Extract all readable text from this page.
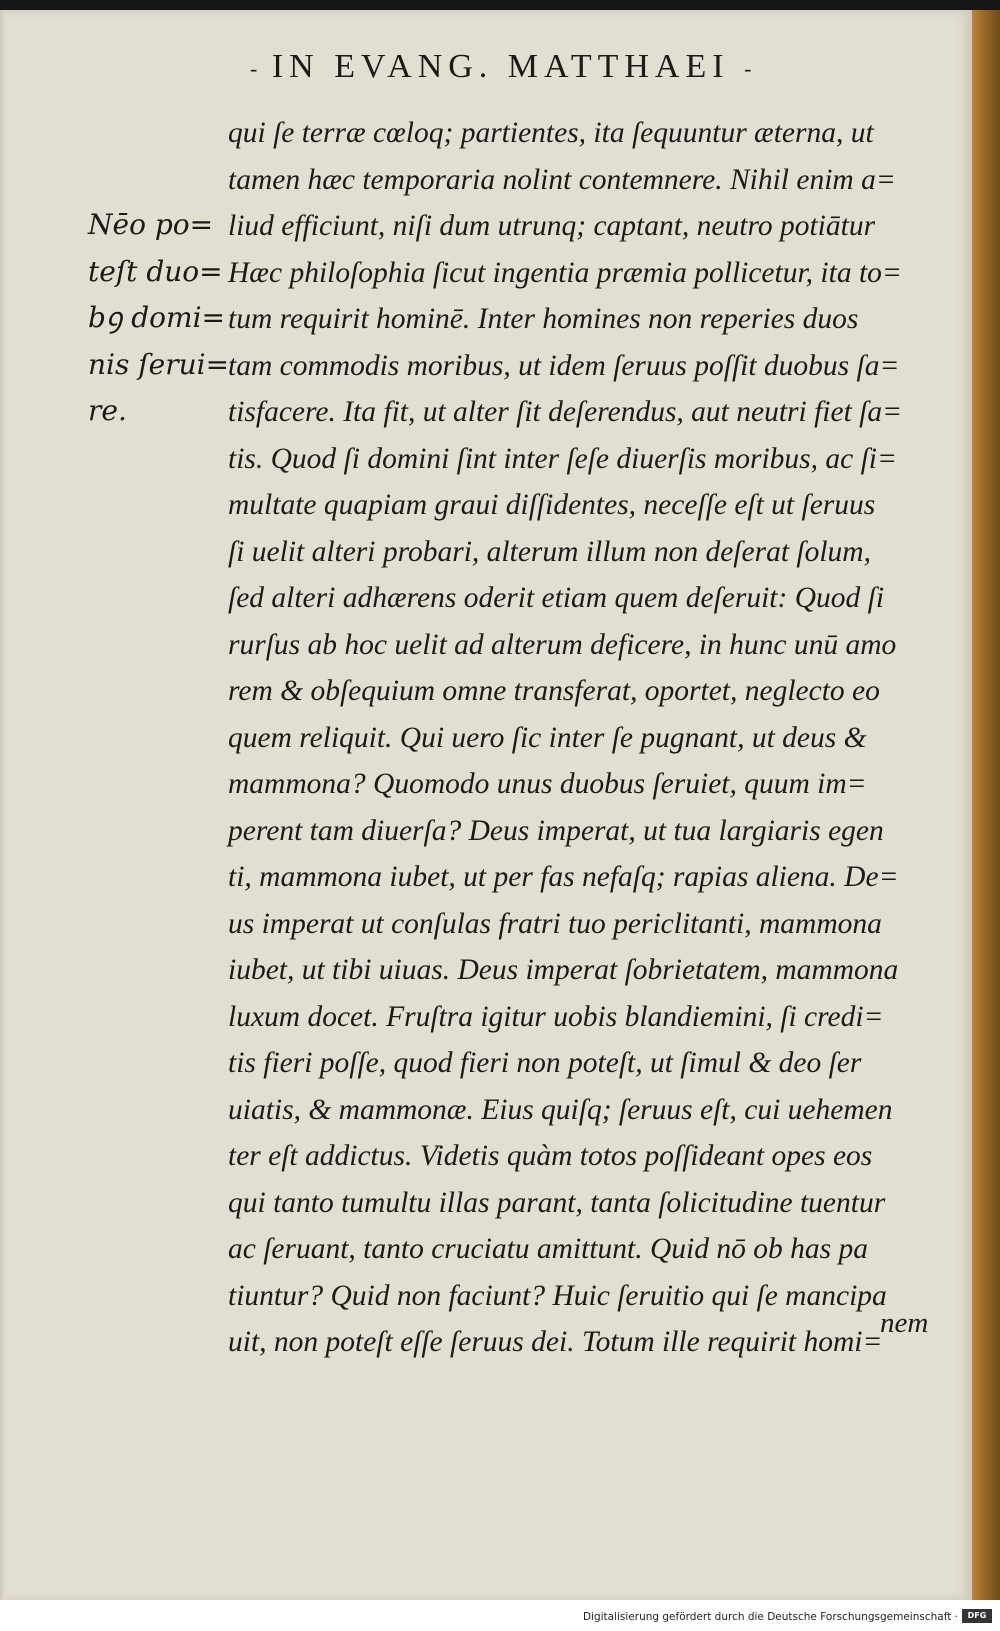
- IN EVANG. MATTHAEI -
Nēo po=
teſt duo=
bꝯ domi=
nis ſerui=
re.
qui ſe terræ cœloq; partientes, ita ſequuntur æterna, ut
tamen hæc temporaria nolint contemnere. Nihil enim a=
liud efficiunt, niſi dum utrunq; captant, neutro potiātur
Hæc philoſophia ſicut ingentia præmia pollicetur, ita to=
tum requirit hominē. Inter homines non reperies duos
tam commodis moribus, ut idem ſeruus poſſit duobus ſa=
tisfacere. Ita fit, ut alter ſit deſerendus, aut neutri fiet ſa=
tis. Quod ſi domini ſint inter ſeſe diuerſis moribus, ac ſi=
multate quapiam graui diſſidentes, neceſſe eſt ut ſeruus
ſi uelit alteri probari, alterum illum non deſerat ſolum,
ſed alteri adhærens oderit etiam quem deſeruit: Quod ſi
rurſus ab hoc uelit ad alterum deficere, in hunc unū amo
rem & obſequium omne transferat, oportet, neglecto eo
quem reliquit. Qui uero ſic inter ſe pugnant, ut deus &
mammona? Quomodo unus duobus ſeruiet, quum im=
perent tam diuerſa? Deus imperat, ut tua largiaris egen
ti, mammona iubet, ut per fas nefaſq; rapias aliena. De=
us imperat ut conſulas fratri tuo periclitanti, mammona
iubet, ut tibi uiuas. Deus imperat ſobrietatem, mammona
luxum docet. Fruſtra igitur uobis blandiemini, ſi credi=
tis fieri poſſe, quod fieri non poteſt, ut ſimul & deo ſer
uiatis, & mammonæ. Eius quiſq; ſeruus eſt, cui uehemen
ter eſt addictus. Videtis quàm totos poſſideant opes eos
qui tanto tumultu illas parant, tanta ſolicitudine tuentur
ac ſeruant, tanto cruciatu amittunt. Quid nō ob has pa
tiuntur? Quid non faciunt? Huic ſeruitio qui ſe mancipa
uit, non poteſt eſſe ſeruus dei. Totum ille requirit homi=
nem
Digitalisierung gefördert durch die Deutsche Forschungsgemeinschaft ·	DFG
